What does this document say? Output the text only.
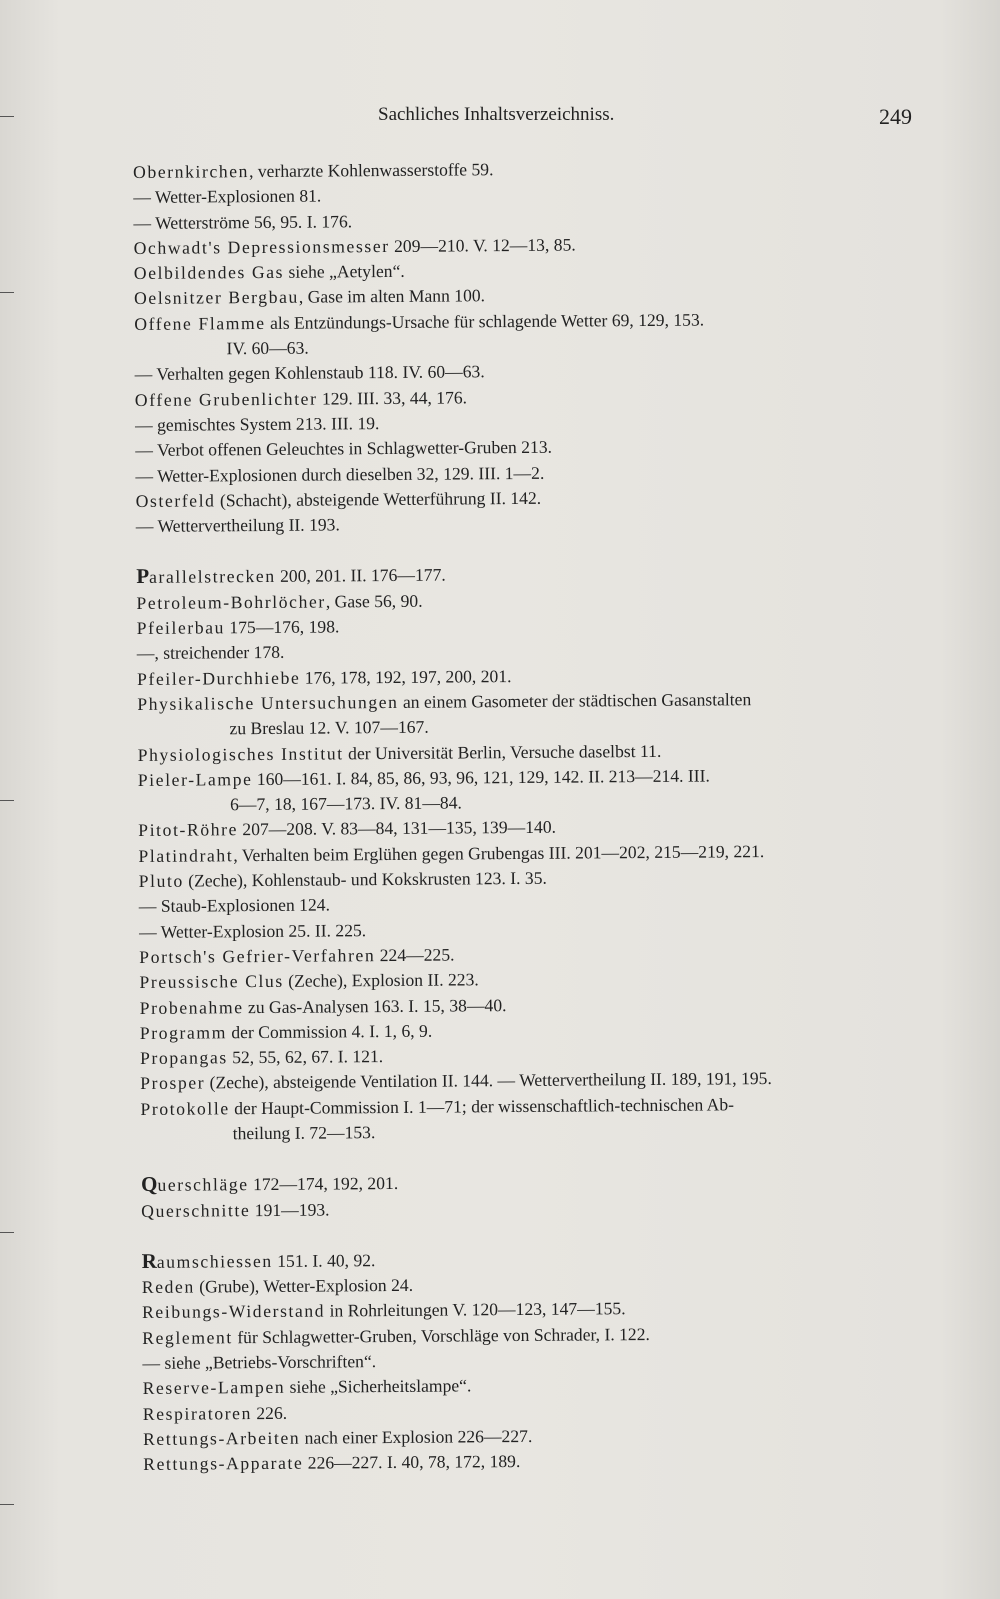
Sachliches Inhaltsverzeichniss.	249
Obernkirchen, verharzte Kohlenwasserstoffe 59.
— Wetter-Explosionen 81.
— Wetterströme 56, 95. I. 176.
Ochwadt's Depressionsmesser 209—210. V. 12—13, 85.
Oelbildendes Gas siehe „Aetylen“.
Oelsnitzer Bergbau, Gase im alten Mann 100.
Offene Flamme als Entzündungs-Ursache für schlagende Wetter 69, 129, 153.
IV. 60—63.
— Verhalten gegen Kohlenstaub 118. IV. 60—63.
Offene Grubenlichter 129. III. 33, 44, 176.
— gemischtes System 213. III. 19.
— Verbot offenen Geleuchtes in Schlagwetter-Gruben 213.
— Wetter-Explosionen durch dieselben 32, 129. III. 1—2.
Osterfeld (Schacht), absteigende Wetterführung II. 142.
— Wettervertheilung II. 193.
Parallelstrecken 200, 201. II. 176—177.
Petroleum-Bohrlöcher, Gase 56, 90.
Pfeilerbau 175—176, 198.
—, streichender 178.
Pfeiler-Durchhiebe 176, 178, 192, 197, 200, 201.
Physikalische Untersuchungen an einem Gasometer der städtischen Gasanstalten
zu Breslau 12. V. 107—167.
Physiologisches Institut der Universität Berlin, Versuche daselbst 11.
Pieler-Lampe 160—161. I. 84, 85, 86, 93, 96, 121, 129, 142. II. 213—214. III.
6—7, 18, 167—173. IV. 81—84.
Pitot-Röhre 207—208. V. 83—84, 131—135, 139—140.
Platindraht, Verhalten beim Erglühen gegen Grubengas III. 201—202, 215—219, 221.
Pluto (Zeche), Kohlenstaub- und Kokskrusten 123. I. 35.
— Staub-Explosionen 124.
— Wetter-Explosion 25. II. 225.
Portsch's Gefrier-Verfahren 224—225.
Preussische Clus (Zeche), Explosion II. 223.
Probenahme zu Gas-Analysen 163. I. 15, 38—40.
Programm der Commission 4. I. 1, 6, 9.
Propangas 52, 55, 62, 67. I. 121.
Prosper (Zeche), absteigende Ventilation II. 144. — Wettervertheilung II. 189, 191, 195.
Protokolle der Haupt-Commission I. 1—71; der wissenschaftlich-technischen Ab-
theilung I. 72—153.
Querschläge 172—174, 192, 201.
Querschnitte 191—193.
Raumschiessen 151. I. 40, 92.
Reden (Grube), Wetter-Explosion 24.
Reibungs-Widerstand in Rohrleitungen V. 120—123, 147—155.
Reglement für Schlagwetter-Gruben, Vorschläge von Schrader, I. 122.
— siehe „Betriebs-Vorschriften“.
Reserve-Lampen siehe „Sicherheitslampe“.
Respiratoren 226.
Rettungs-Arbeiten nach einer Explosion 226—227.
Rettungs-Apparate 226—227. I. 40, 78, 172, 189.
